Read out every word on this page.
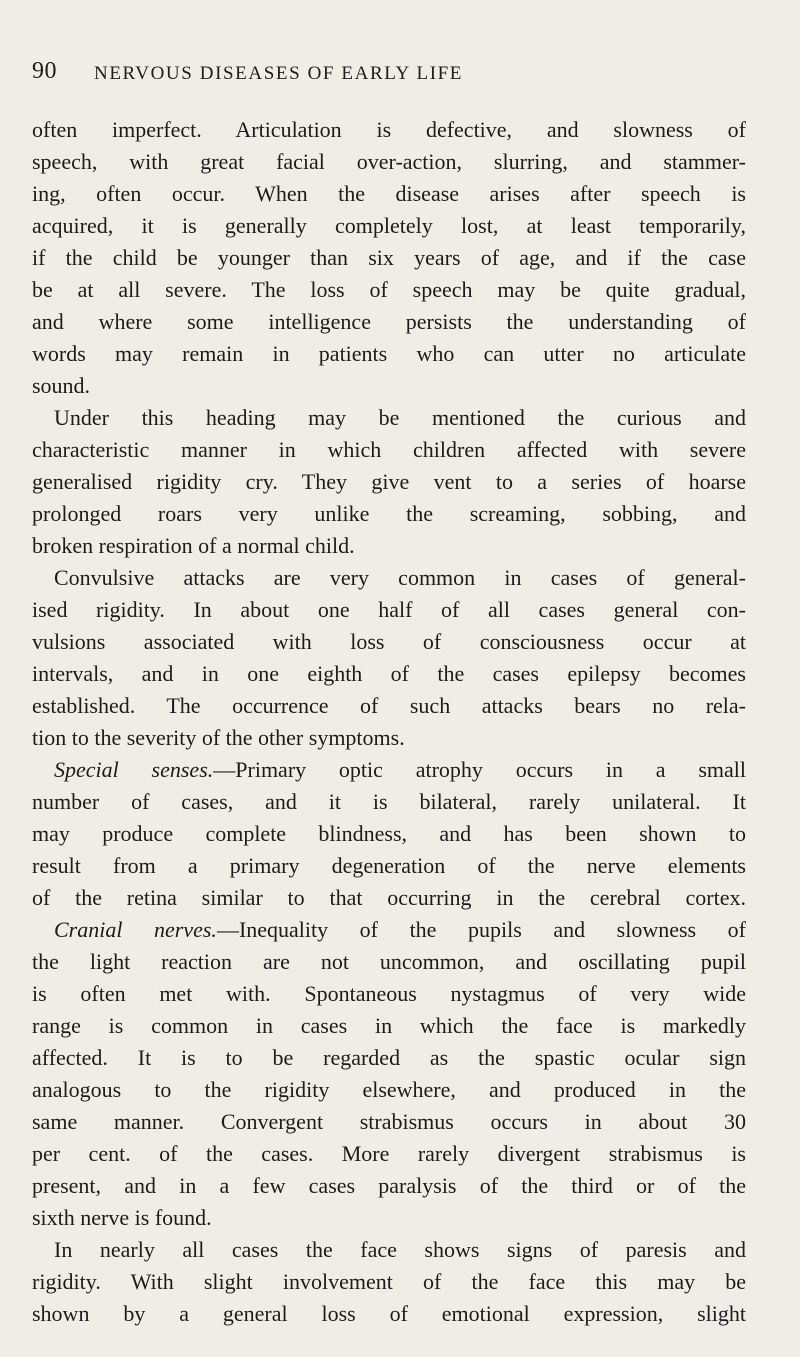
90 NERVOUS DISEASES OF EARLY LIFE
often imperfect. Articulation is defective, and slowness of
speech, with great facial over-action, slurring, and stammer-
ing, often occur. When the disease arises after speech is
acquired, it is generally completely lost, at least temporarily,
if the child be younger than six years of age, and if the case
be at all severe. The loss of speech may be quite gradual,
and where some intelligence persists the understanding of
words may remain in patients who can utter no articulate
sound.
Under this heading may be mentioned the curious and
characteristic manner in which children affected with severe
generalised rigidity cry. They give vent to a series of hoarse
prolonged roars very unlike the screaming, sobbing, and
broken respiration of a normal child.
Convulsive attacks are very common in cases of general-
ised rigidity. In about one half of all cases general con-
vulsions associated with loss of consciousness occur at
intervals, and in one eighth of the cases epilepsy becomes
established. The occurrence of such attacks bears no rela-
tion to the severity of the other symptoms.
Special senses.—Primary optic atrophy occurs in a small
number of cases, and it is bilateral, rarely unilateral. It
may produce complete blindness, and has been shown to
result from a primary degeneration of the nerve elements
of the retina similar to that occurring in the cerebral cortex.
Cranial nerves.—Inequality of the pupils and slowness of
the light reaction are not uncommon, and oscillating pupil
is often met with. Spontaneous nystagmus of very wide
range is common in cases in which the face is markedly
affected. It is to be regarded as the spastic ocular sign
analogous to the rigidity elsewhere, and produced in the
same manner. Convergent strabismus occurs in about 30
per cent. of the cases. More rarely divergent strabismus is
present, and in a few cases paralysis of the third or of the
sixth nerve is found.
In nearly all cases the face shows signs of paresis and
rigidity. With slight involvement of the face this may be
shown by a general loss of emotional expression, slight
